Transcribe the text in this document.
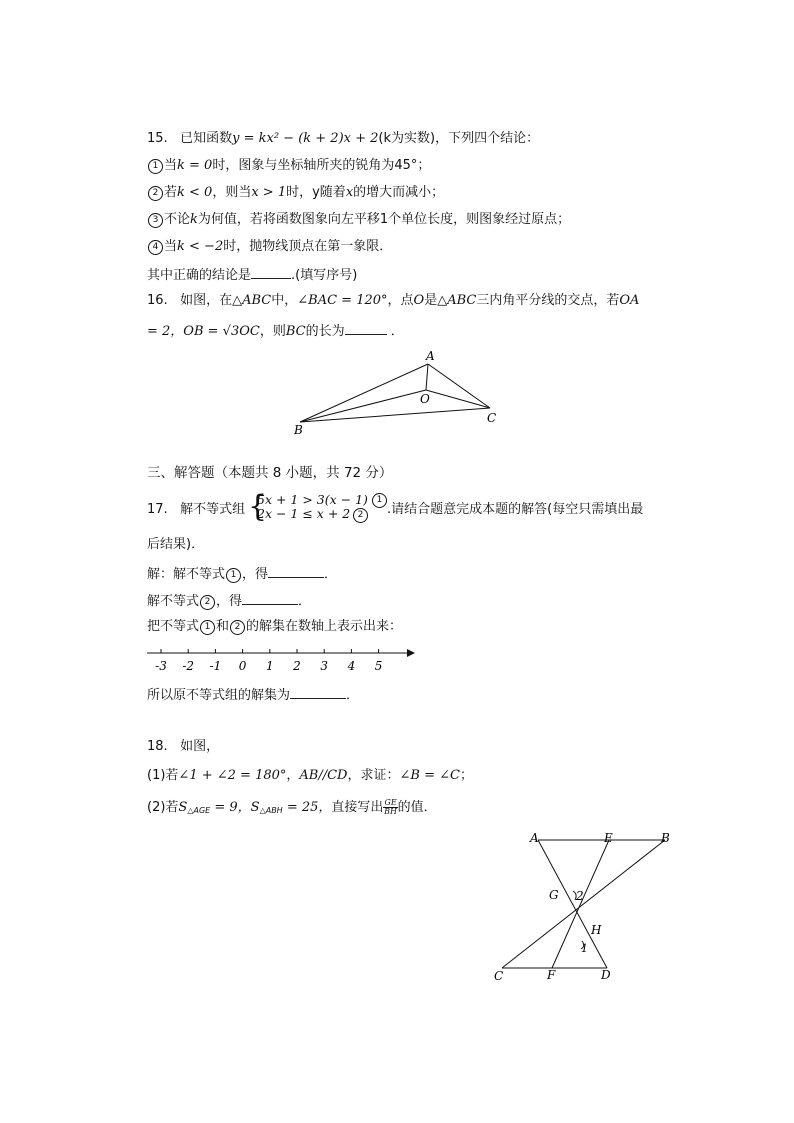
15. 已知函数y = kx² − (k + 2)x + 2(k为实数)，下列四个结论：
1 当k = 0时，图象与坐标轴所夹的锐角为45°；
2 若k < 0，则当x > 1时，y随着x的增大而减小；
3 不论k为何值，若将函数图象向左平移1个单位长度，则图象经过原点；
4 当k < −2时，抛物线顶点在第一象限．
其中正确的结论是	.(填写序号)
16. 如图，在△ABC中，∠BAC = 120°，点O是△ABC三内角平分线的交点，若OA
= 2，OB = √3OC，则BC的长为	．
A
O
B
C
三、解答题（本题共 8 小题，共 72 分）
17. 解不等式组 {
5x + 1 > 3(x − 1)
2x − 1 ≤ x + 2
1
2	.请结合题意完成本题的解答(每空只需填出最
后结果)．
解：解不等式 1 ，得	．
解不等式 2 ，得	．
把不等式 1 和 2 的解集在数轴上表示出来：
-3 -2 -1 0 1 2 3 4 5
所以原不等式组的解集为	．
18. 如图，
(1)若∠1 + ∠2 = 180°，AB//CD，求证：∠B = ∠C；
(2)若$S_{\triangle AGE} = 9$，$S_{\triangle ABH} = 25$，直接写出 $\frac{GE}{BH}$的值．
A	E	B
G 2
H
1
C	F	D
